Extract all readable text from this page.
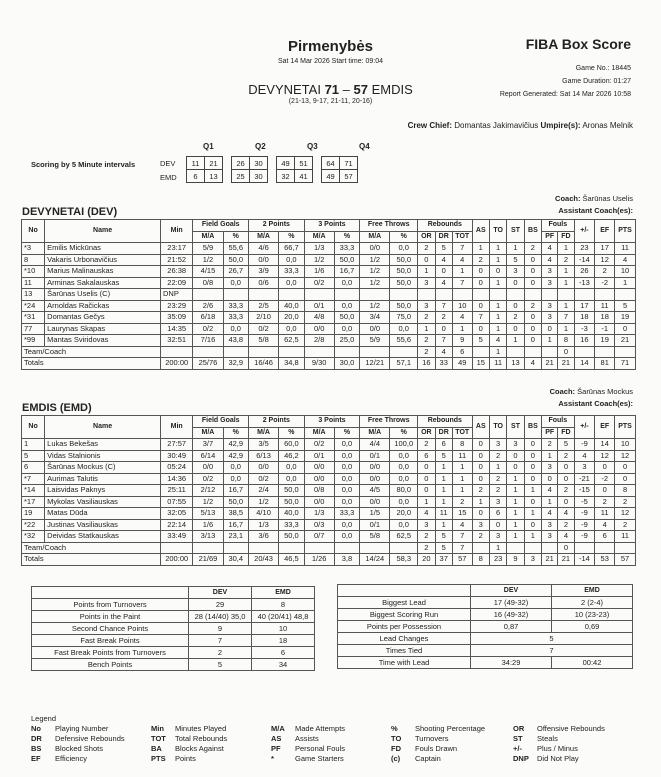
Pirmenybės
Sat 14 Mar 2026 Start time: 09:04
FIBA Box Score
Game No.: 18445
Game Duration: 01:27
Report Generated: Sat 14 Mar 2026 10:58
DEVYNETAI 71 – 57 EMDIS
(21-13, 9-17, 21-11, 20-16)
Crew Chief: Domantas Jakimavičius Umpire(s): Aronas Melnik
Q1	Q2	Q3	Q4
Scoring by 5 Minute intervals	DEV
EMD
11	21		26	30		49	51		64	71
6	13		25	30		32	41		49	57
Coach: Šarūnas Uselis
Assistant Coach(es):
DEVYNETAI (DEV)
No	Name	Min	Field Goals		2 Points		3 Points		Free Throws		Rebounds			AS	TO	ST	BS	Fouls		+/-	EF	PTS
			M/A	%	M/A	%	M/A	%	M/A	%	OR	DR	TOT					PF	FD			
*3	Emilis Mickūnas	23:17	5/9	55,6	4/6	66,7	1/3	33,3	0/0	0,0	2	5	7	1	1	1	2	4	1	23	17	11
8	Vakaris Urbonavičius	21:52	1/2	50,0	0/0	0,0	1/2	50,0	1/2	50,0	0	4	4	2	1	5	0	4	2	-14	12	4
*10	Marius Malinauskas	26:38	4/15	26,7	3/9	33,3	1/6	16,7	1/2	50,0	1	0	1	0	0	3	0	3	1	26	2	10
11	Arminas Sakalauskas	22:09	0/8	0,0	0/6	0,0	0/2	0,0	1/2	50,0	3	4	7	0	1	0	0	3	1	-13	-2	1
13	Šarūnas Uselis (C)	DNP																				
*24	Arnoldas Račickas	23:29	2/6	33,3	2/5	40,0	0/1	0,0	1/2	50,0	3	7	10	0	1	0	2	3	1	17	11	5
*31	Domantas Gečys	35:09	6/18	33,3	2/10	20,0	4/8	50,0	3/4	75,0	2	2	4	7	1	2	0	3	7	18	18	19
77	Laurynas Skapas	14:35	0/2	0,0	0/2	0,0	0/0	0,0	0/0	0,0	1	0	1	0	1	0	0	0	1	-3	-1	0
*99	Mantas Sviridovas	32:51	7/16	43,8	5/8	62,5	2/8	25,0	5/9	55,6	2	7	9	5	4	1	0	1	8	16	19	21
Team/Coach											2	4	6		1				0			
Totals		200:00	25/76	32,9	16/46	34,8	9/30	30,0	12/21	57,1	16	33	49	15	11	13	4	21	21	14	81	71
Coach: Šarūnas Mockus
Assistant Coach(es):
EMDIS (EMD)
No	Name	Min	Field Goals		2 Points		3 Points		Free Throws		Rebounds			AS	TO	ST	BS	Fouls		+/-	EF	PTS
			M/A	%	M/A	%	M/A	%	M/A	%	OR	DR	TOT					PF	FD			
1	Lukas Bekešas	27:57	3/7	42,9	3/5	60,0	0/2	0,0	4/4	100,0	2	6	8	0	3	3	0	2	5	-9	14	10
5	Vidas Stalnionis	30:49	6/14	42,9	6/13	46,2	0/1	0,0	0/1	0,0	6	5	11	0	2	0	0	1	2	4	12	12
6	Šarūnas Mockus (C)	05:24	0/0	0,0	0/0	0,0	0/0	0,0	0/0	0,0	0	1	1	0	1	0	0	3	0	3	0	0
*7	Aurimas Talutis	14:36	0/2	0,0	0/2	0,0	0/0	0,0	0/0	0,0	0	1	1	0	2	1	0	0	0	-21	-2	0
*14	Laisvidas Paknys	25:11	2/12	16,7	2/4	50,0	0/8	0,0	4/5	80,0	0	1	1	2	2	1	1	4	2	-15	0	8
*17	Mykolas Vasiliauskas	07:55	1/2	50,0	1/2	50,0	0/0	0,0	0/0	0,0	1	1	2	1	3	1	0	1	0	-5	2	2
19	Matas Dūda	32:05	5/13	38,5	4/10	40,0	1/3	33,3	1/5	20,0	4	11	15	0	6	1	1	4	4	-9	11	12
*22	Justinas Vasiliauskas	22:14	1/6	16,7	1/3	33,3	0/3	0,0	0/1	0,0	3	1	4	3	0	1	0	3	2	-9	4	2
*32	Deividas Statkauskas	33:49	3/13	23,1	3/6	50,0	0/7	0,0	5/8	62,5	2	5	7	2	3	1	1	3	4	-9	6	11
Team/Coach											2	5	7		1				0			
Totals		200:00	21/69	30,4	20/43	46,5	1/26	3,8	14/24	58,3	20	37	57	8	23	9	3	21	21	-14	53	57
	DEV	EMD
Points from Turnovers	29	8
Points in the Paint	28 (14/40) 35,0	40 (20/41) 48,8
Second Chance Points	9	10
Fast Break Points	7	18
Fast Break Points from Turnovers	2	6
Bench Points	5	34
	DEV	EMD
Biggest Lead	17 (49-32)	2 (2-4)
Biggest Scoring Run	16 (49-32)	10 (23-23)
Points per Possession	0,87	0,69
Lead Changes	5	
Times Tied	7	
Time with Lead	34:29	00:42
Legend
No Playing Number
DR Defensive Rebounds
BS Blocked Shots
EF Efficiency
Min Minutes Played
TOT Total Rebounds
BA Blocks Against
PTS Points
M/A Made Attempts
AS Assists
PF Personal Fouls
*	Game Starters
% Shooting Percentage
TO Turnovers
FD Fouls Drawn
(c) Captain
OR Offensive Rebounds
ST Steals
+/- Plus / Minus
DNP Did Not Play
